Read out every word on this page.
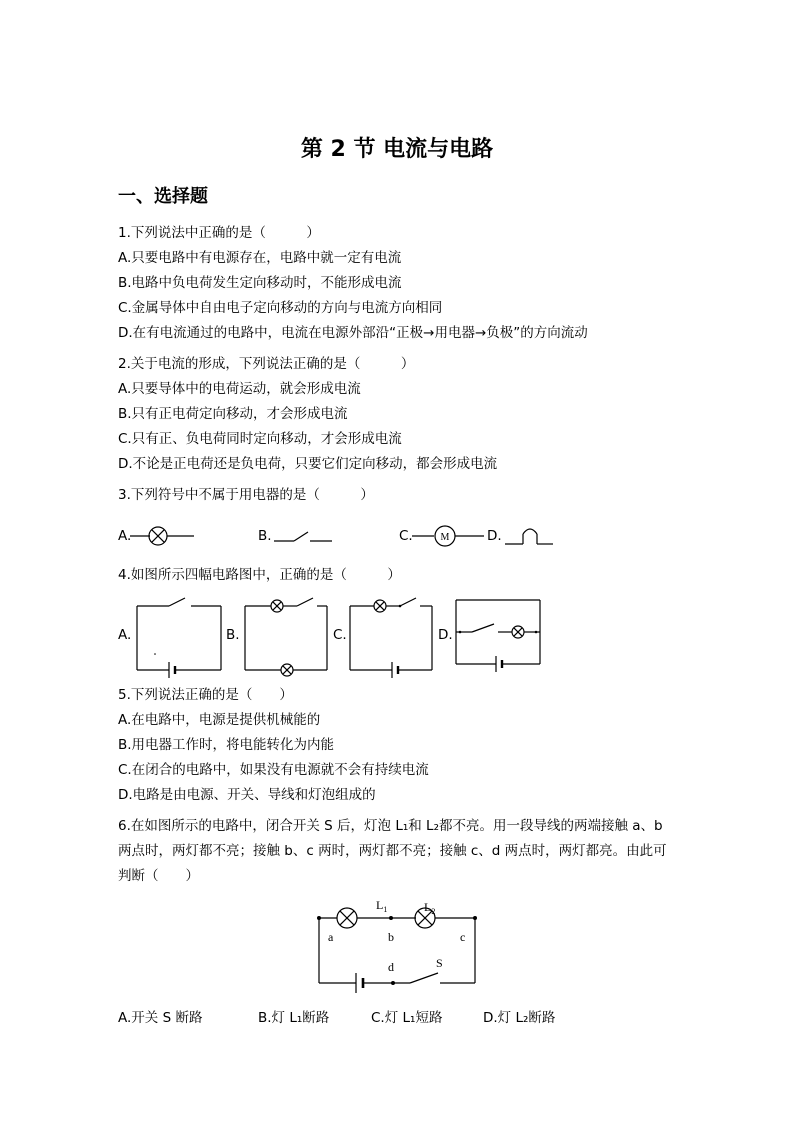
第 2 节 电流与电路
一、选择题
1.下列说法中正确的是（　　　）
A.只要电路中有电源存在，电路中就一定有电流
B.电路中负电荷发生定向移动时，不能形成电流
C.金属导体中自由电子定向移动的方向与电流方向相同
D.在有电流通过的电路中，电流在电源外部沿“正极→用电器→负极”的方向流动
2.关于电流的形成，下列说法正确的是（　　　）
A.只要导体中的电荷运动，就会形成电流
B.只有正电荷定向移动，才会形成电流
C.只有正、负电荷同时定向移动，才会形成电流
D.不论是正电荷还是负电荷，只要它们定向移动，都会形成电流
3.下列符号中不属于用电器的是（　　　）
A.	B.	C.	M	D.
4.如图所示四幅电路图中，正确的是（　　　）
A.	B.	C.	D.
5.下列说法正确的是（　　）
A.在电路中，电源是提供机械能的
B.用电器工作时，将电能转化为内能
C.在闭合的电路中，如果没有电源就不会有持续电流
D.电路是由电源、开关、导线和灯泡组成的
6.在如图所示的电路中，闭合开关 S 后，灯泡 L₁和 L₂都不亮。用一段导线的两端接触 a、b
两点时，两灯都不亮；接触 b、c 两时，两灯都不亮；接触 c、d 两点时，两灯都亮。由此可
判断（　　）
$L_1$	$L_2$
a	b	c
d	S
A.开关 S 断路	B.灯 L₁断路	C.灯 L₁短路	D.灯 L₂断路
